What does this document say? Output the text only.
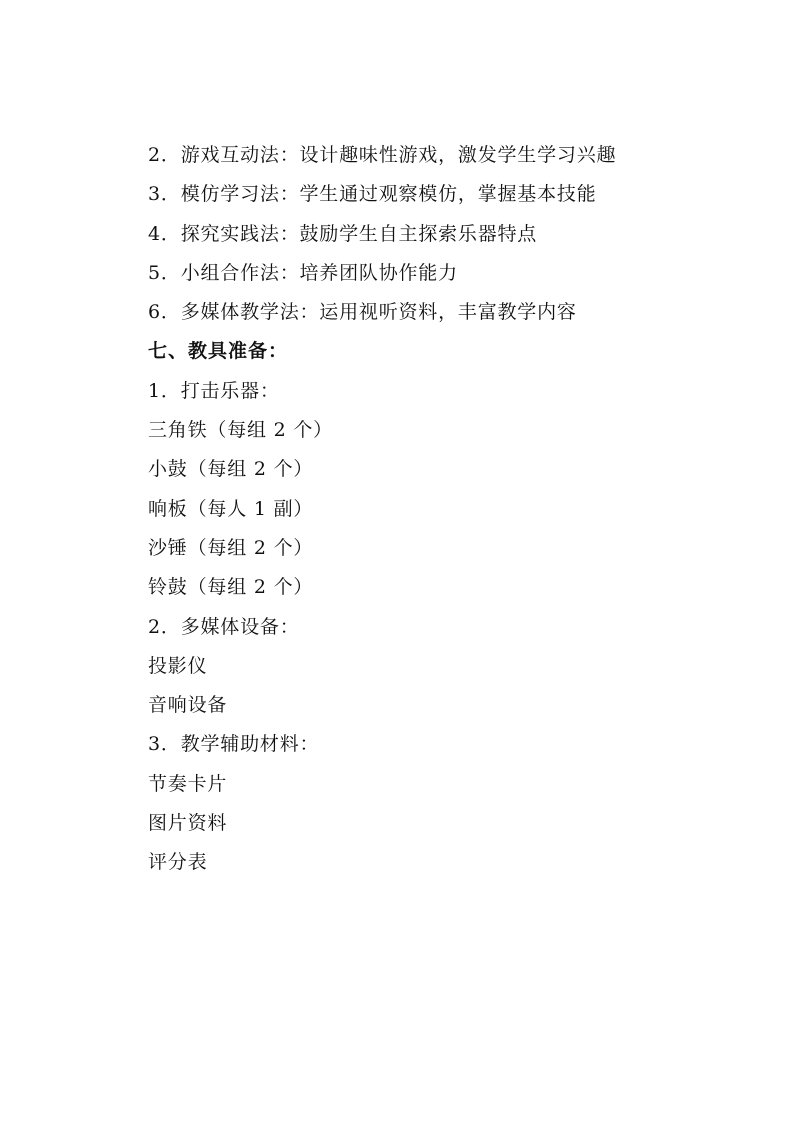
2．游戏互动法：设计趣味性游戏，激发学生学习兴趣
3．模仿学习法：学生通过观察模仿，掌握基本技能
4．探究实践法：鼓励学生自主探索乐器特点
5．小组合作法：培养团队协作能力
6．多媒体教学法：运用视听资料，丰富教学内容
七、教具准备：
1．打击乐器：
三角铁（每组 2 个）
小鼓（每组 2 个）
响板（每人 1 副）
沙锤（每组 2 个）
铃鼓（每组 2 个）
2．多媒体设备：
投影仪
音响设备
3．教学辅助材料：
节奏卡片
图片资料
评分表
